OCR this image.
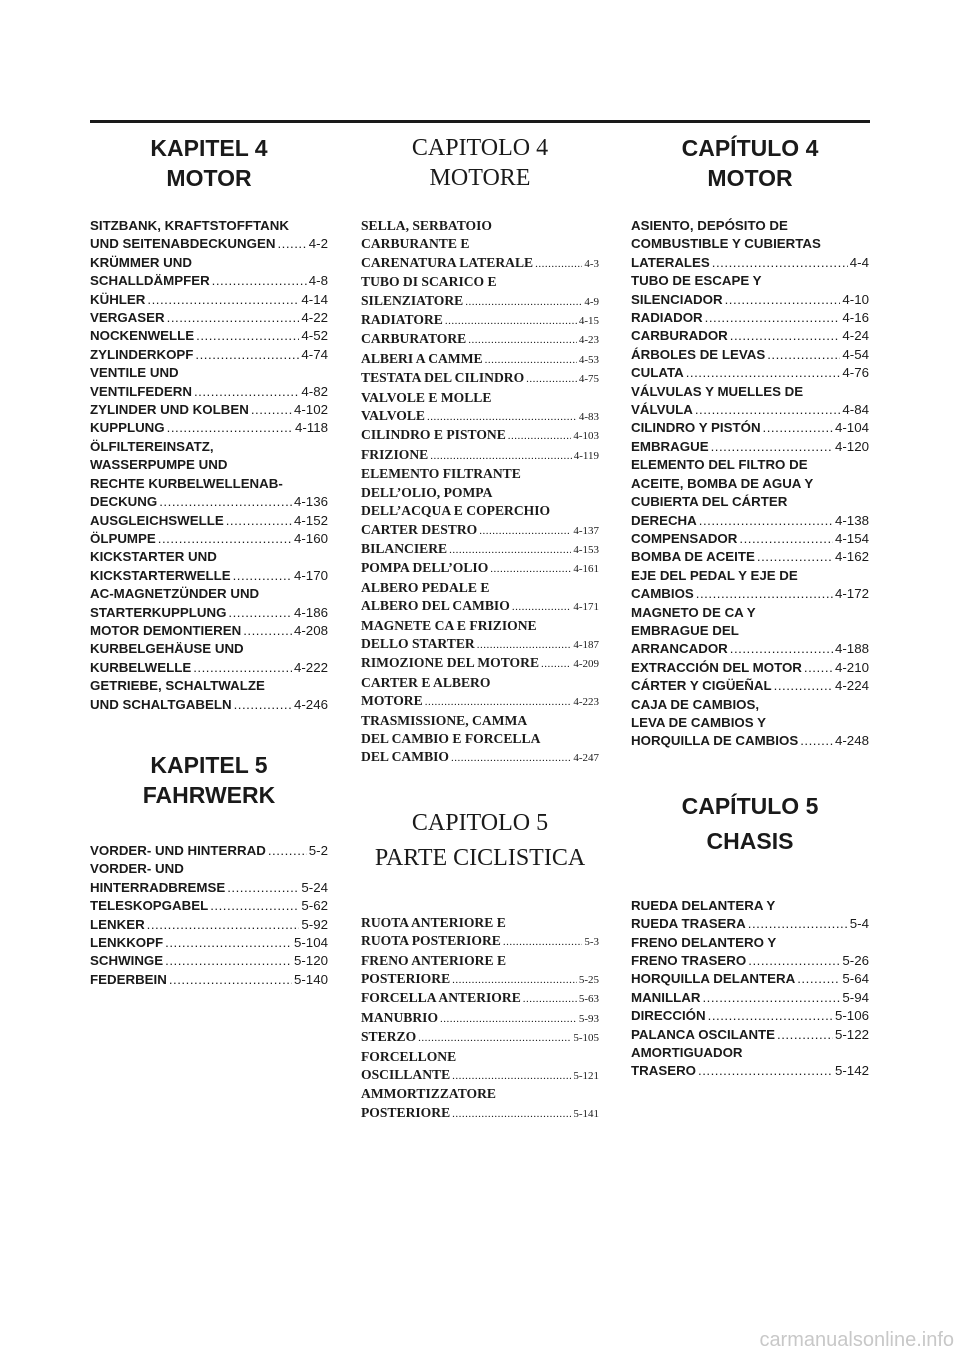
KAPITEL 4
MOTOR
SITZBANK, KRAFTSTOFFTANK
UND SEITENABDECKUNGEN .....	4-2
KRÜMMER UND
SCHALLDÄMPFER .....	4-8
KÜHLER .....	4-14
VERGASER .....	4-22
NOCKENWELLE .....	4-52
ZYLINDERKOPF .....	4-74
VENTILE UND
VENTILFEDERN .....	4-82
ZYLINDER UND KOLBEN .....	4-102
KUPPLUNG .....	4-118
ÖLFILTEREINSATZ,
WASSERPUMPE UND
RECHTE KURBELWELLENAB-
DECKUNG .....	4-136
AUSGLEICHSWELLE .....	4-152
ÖLPUMPE .....	4-160
KICKSTARTER UND
KICKSTARTERWELLE .....	4-170
AC-MAGNETZÜNDER UND
STARTERKUPPLUNG .....	4-186
MOTOR DEMONTIEREN .....	4-208
KURBELGEHÄUSE UND
KURBELWELLE .....	4-222
GETRIEBE, SCHALTWALZE
UND SCHALTGABELN .....	4-246
KAPITEL 5
FAHRWERK
VORDER- UND HINTERRAD .....	5-2
VORDER- UND
HINTERRADBREMSE .....	5-24
TELESKOPGABEL .....	5-62
LENKER .....	5-92
LENKKOPF .....	5-104
SCHWINGE .....	5-120
FEDERBEIN .....	5-140
CAPITOLO 4
MOTORE
SELLA, SERBATOIO
CARBURANTE E
CARENATURA LATERALE .....	4-3
TUBO DI SCARICO E
SILENZIATORE .....	4-9
RADIATORE .....	4-15
CARBURATORE .....	4-23
ALBERI A CAMME .....	4-53
TESTATA DEL CILINDRO .....	4-75
VALVOLE E MOLLE
VALVOLE .....	4-83
CILINDRO E PISTONE .....	4-103
FRIZIONE .....	4-119
ELEMENTO FILTRANTE
DELL’OLIO, POMPA
DELL’ACQUA E COPERCHIO
CARTER DESTRO .....	4-137
BILANCIERE .....	4-153
POMPA DELL’OLIO .....	4-161
ALBERO PEDALE E
ALBERO DEL CAMBIO .....	4-171
MAGNETE CA E FRIZIONE
DELLO STARTER .....	4-187
RIMOZIONE DEL MOTORE .....	4-209
CARTER E ALBERO
MOTORE .....	4-223
TRASMISSIONE, CAMMA
DEL CAMBIO E FORCELLA
DEL CAMBIO .....	4-247
CAPITOLO 5
PARTE CICLISTICA
RUOTA ANTERIORE E
RUOTA POSTERIORE .....	5-3
FRENO ANTERIORE E
POSTERIORE .....	5-25
FORCELLA ANTERIORE .....	5-63
MANUBRIO .....	5-93
STERZO .....	5-105
FORCELLONE
OSCILLANTE .....	5-121
AMMORTIZZATORE
POSTERIORE .....	5-141
CAPÍTULO 4
MOTOR
ASIENTO, DEPÓSITO DE
COMBUSTIBLE Y CUBIERTAS
LATERALES .....	4-4
TUBO DE ESCAPE Y
SILENCIADOR .....	4-10
RADIADOR .....	4-16
CARBURADOR .....	4-24
ÁRBOLES DE LEVAS .....	4-54
CULATA .....	4-76
VÁLVULAS Y MUELLES DE
VÁLVULA .....	4-84
CILINDRO Y PISTÓN .....	4-104
EMBRAGUE .....	4-120
ELEMENTO DEL FILTRO DE
ACEITE, BOMBA DE AGUA Y
CUBIERTA DEL CÁRTER
DERECHA .....	4-138
COMPENSADOR .....	4-154
BOMBA DE ACEITE .....	4-162
EJE DEL PEDAL Y EJE DE
CAMBIOS .....	4-172
MAGNETO DE CA Y
EMBRAGUE DEL
ARRANCADOR .....	4-188
EXTRACCIÓN DEL MOTOR ..... 4-210
CÁRTER Y CIGÜEÑAL .....	4-224
CAJA DE CAMBIOS,
LEVA DE CAMBIOS Y
HORQUILLA DE CAMBIOS .....	4-248
CAPÍTULO 5
CHASIS
RUEDA DELANTERA Y
RUEDA TRASERA .....	5-4
FRENO DELANTERO Y
FRENO TRASERO .....	5-26
HORQUILLA DELANTERA .....	5-64
MANILLAR .....	5-94
DIRECCIÓN .....	5-106
PALANCA OSCILANTE .....	5-122
AMORTIGUADOR
TRASERO .....	5-142
carmanualsonline.info
